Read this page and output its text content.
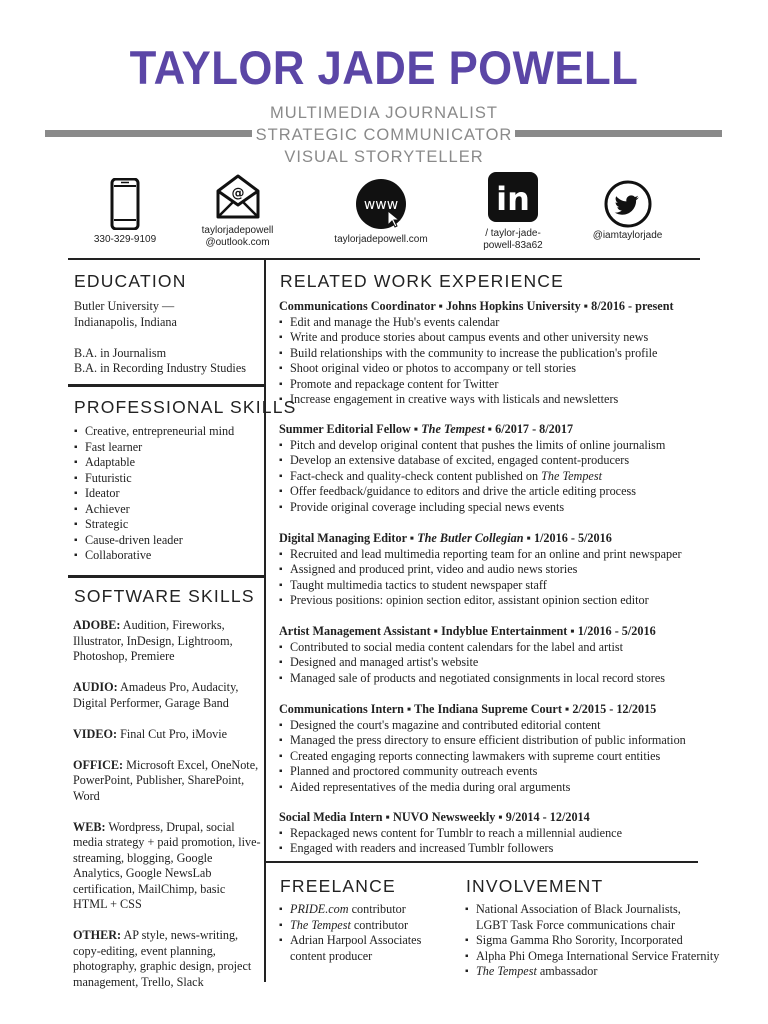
TAYLOR JADE POWELL
MULTIMEDIA JOURNALIST
STRATEGIC COMMUNICATOR
VISUAL STORYTELLER
330-329-9109
@
taylorjadepowell
@outlook.com
www
taylorjadepowell.com
in
/ taylor-jade-
powell-83a62
@iamtaylorjade
EDUCATION
Butler University —
Indianapolis, Indiana
B.A. in Journalism
B.A. in Recording Industry Studies
PROFESSIONAL SKILLS
▪ Creative, entrepreneurial mind
▪ Fast learner
▪ Adaptable
▪ Futuristic
▪ Ideator
▪ Achiever
▪ Strategic
▪ Cause-driven leader
▪ Collaborative
SOFTWARE SKILLS
ADOBE: Audition, Fireworks, Illustrator, InDesign, Lightroom, Photoshop, Premiere
AUDIO: Amadeus Pro, Audacity, Digital Performer, Garage Band
VIDEO: Final Cut Pro, iMovie
OFFICE: Microsoft Excel, OneNote, PowerPoint, Publisher, SharePoint, Word
WEB: Wordpress, Drupal, social media strategy + paid promotion, live-streaming, blogging, Google Analytics, Google NewsLab certification, MailChimp, basic HTML + CSS
OTHER: AP style, news-writing, copy-editing, event planning, photography, graphic design, project management, Trello, Slack
RELATED WORK EXPERIENCE
Communications Coordinator ▪ Johns Hopkins University ▪ 8/2016 - present
▪ Edit and manage the Hub's events calendar
▪ Write and produce stories about campus events and other university news
▪ Build relationships with the community to increase the publication's profile
▪ Shoot original video or photos to accompany or tell stories
▪ Promote and repackage content for Twitter
▪ Increase engagement in creative ways with listicals and newsletters
Summer Editorial Fellow ▪ The Tempest ▪ 6/2017 - 8/2017
▪ Pitch and develop original content that pushes the limits of online journalism
▪ Develop an extensive database of excited, engaged content-producers
▪ Fact-check and quality-check content published on The Tempest
▪ Offer feedback/guidance to editors and drive the article editing process
▪ Provide original coverage including special news events
Digital Managing Editor ▪ The Butler Collegian ▪ 1/2016 - 5/2016
▪ Recruited and lead multimedia reporting team for an online and print newspaper
▪ Assigned and produced print, video and audio news stories
▪ Taught multimedia tactics to student newspaper staff
▪ Previous positions: opinion section editor, assistant opinion section editor
Artist Management Assistant ▪ Indyblue Entertainment ▪ 1/2016 - 5/2016
▪ Contributed to social media content calendars for the label and artist
▪ Designed and managed artist's website
▪ Managed sale of products and negotiated consignments in local record stores
Communications Intern ▪ The Indiana Supreme Court ▪ 2/2015 - 12/2015
▪ Designed the court's magazine and contributed editorial content
▪ Managed the press directory to ensure efficient distribution of public information
▪ Created engaging reports connecting lawmakers with supreme court entities
▪ Planned and proctored community outreach events
▪ Aided representatives of the media during oral arguments
Social Media Intern ▪ NUVO Newsweekly ▪ 9/2014 - 12/2014
▪ Repackaged news content for Tumblr to reach a millennial audience
▪ Engaged with readers and increased Tumblr followers
FREELANCE
▪ PRIDE.com contributor
▪ The Tempest contributor
▪ Adrian Harpool Associates content producer
INVOLVEMENT
▪ National Association of Black Journalists, LGBT Task Force communications chair
▪ Sigma Gamma Rho Sorority, Incorporated
▪ Alpha Phi Omega International Service Fraternity
▪ The Tempest ambassador
